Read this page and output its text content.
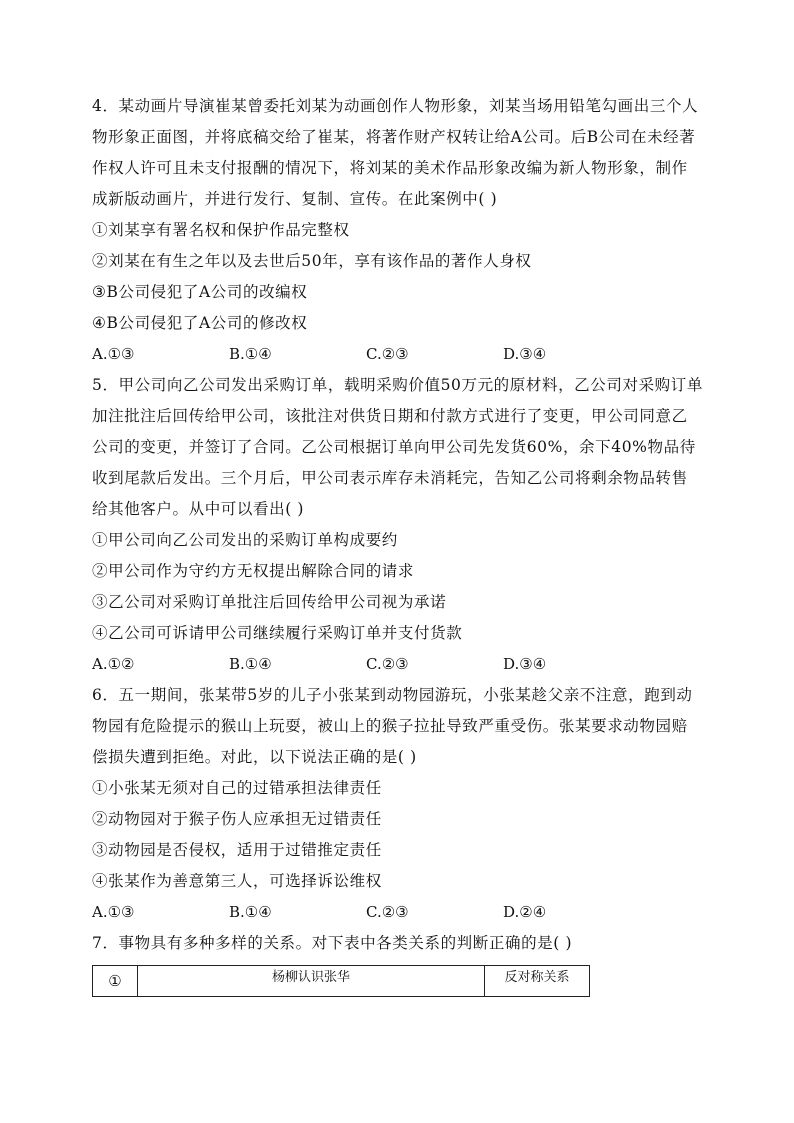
4．某动画片导演崔某曾委托刘某为动画创作人物形象，刘某当场用铅笔勾画出三个人
物形象正面图，并将底稿交给了崔某，将著作财产权转让给A公司。后B公司在未经著
作权人许可且未支付报酬的情况下，将刘某的美术作品形象改编为新人物形象，制作
成新版动画片，并进行发行、复制、宣传。在此案例中( )
①刘某享有署名权和保护作品完整权
②刘某在有生之年以及去世后50年，享有该作品的著作人身权
③B公司侵犯了A公司的改编权
④B公司侵犯了A公司的修改权
A.①③	B.①④	C.②③	D.③④
5．甲公司向乙公司发出采购订单，载明采购价值50万元的原材料，乙公司对采购订单
加注批注后回传给甲公司，该批注对供货日期和付款方式进行了变更，甲公司同意乙
公司的变更，并签订了合同。乙公司根据订单向甲公司先发货60%，余下40%物品待
收到尾款后发出。三个月后，甲公司表示库存未消耗完，告知乙公司将剩余物品转售
给其他客户。从中可以看出( )
①甲公司向乙公司发出的采购订单构成要约
②甲公司作为守约方无权提出解除合同的请求
③乙公司对采购订单批注后回传给甲公司视为承诺
④乙公司可诉请甲公司继续履行采购订单并支付货款
A.①②	B.①④	C.②③	D.③④
6．五一期间，张某带5岁的儿子小张某到动物园游玩，小张某趁父亲不注意，跑到动
物园有危险提示的猴山上玩耍，被山上的猴子拉扯导致严重受伤。张某要求动物园赔
偿损失遭到拒绝。对此，以下说法正确的是( )
①小张某无须对自己的过错承担法律责任
②动物园对于猴子伤人应承担无过错责任
③动物园是否侵权，适用于过错推定责任
④张某作为善意第三人，可选择诉讼维权
A.①③	B.①④	C.②③	D.②④
7．事物具有多种多样的关系。对下表中各类关系的判断正确的是( )
①	杨柳认识张华	反对称关系
